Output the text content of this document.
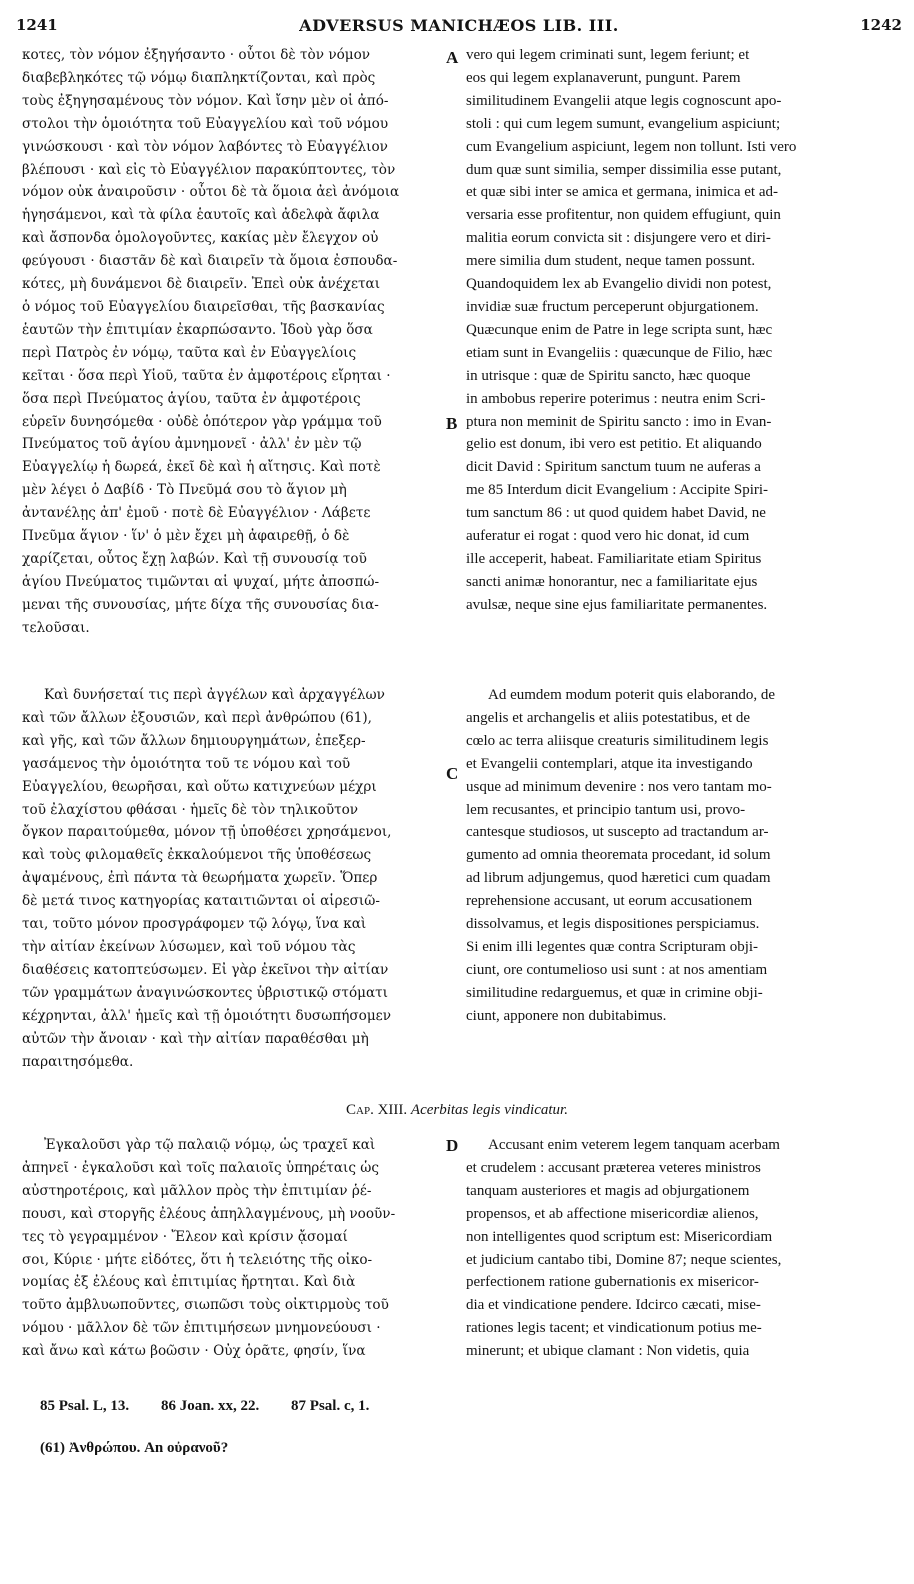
1241	ADVERSUS MANICHÆOS LIB. III.	1242
A
B
C
D
κοτες, τὸν νόμον ἐξηγήσαντο · οὗτοι δὲ τὸν νόμον
διαβεβληκότες τῷ νόμῳ διαπληκτίζονται, καὶ πρὸς
τοὺς ἐξηγησαμένους τὸν νόμον. Καὶ ἴσην μὲν οἱ ἀπό-
στολοι τὴν ὁμοιότητα τοῦ Εὐαγγελίου καὶ τοῦ νόμου
γινώσκουσι · καὶ τὸν νόμον λαβόντες τὸ Εὐαγγέλιον
βλέπουσι · καὶ εἰς τὸ Εὐαγγέλιον παρακύπτοντες, τὸν
νόμον οὐκ ἀναιροῦσιν · οὗτοι δὲ τὰ ὅμοια ἀεὶ ἀνόμοια
ἡγησάμενοι, καὶ τὰ φίλα ἑαυτοῖς καὶ ἀδελφὰ ἄφιλα
καὶ ἄσπονδα ὁμολογοῦντες, κακίας μὲν ἔλεγχον οὐ
φεύγουσι · διαστᾶν δὲ καὶ διαιρεῖν τὰ ὅμοια ἐσπουδα-
κότες, μὴ δυνάμενοι δὲ διαιρεῖν. Ἐπεὶ οὐκ ἀνέχεται
ὁ νόμος τοῦ Εὐαγγελίου διαιρεῖσθαι, τῆς βασκανίας
ἑαυτῶν τὴν ἐπιτιμίαν ἐκαρπώσαντο. Ἰδοὺ γὰρ ὅσα
περὶ Πατρὸς ἐν νόμῳ, ταῦτα καὶ ἐν Εὐαγγελίοις
κεῖται · ὅσα περὶ Υἱοῦ, ταῦτα ἐν ἀμφοτέροις εἴρηται ·
ὅσα περὶ Πνεύματος ἁγίου, ταῦτα ἐν ἀμφοτέροις
εὑρεῖν δυνησόμεθα · οὐδὲ ὁπότερον γὰρ γράμμα τοῦ
Πνεύματος τοῦ ἁγίου ἀμνημονεῖ · ἀλλ' ἐν μὲν τῷ
Εὐαγγελίῳ ἡ δωρεά, ἐκεῖ δὲ καὶ ἡ αἴτησις. Καὶ ποτὲ
μὲν λέγει ὁ Δαβίδ · Τὸ Πνεῦμά σου τὸ ἅγιον μὴ
ἀντανέλῃς ἀπ' ἐμοῦ · ποτὲ δὲ Εὐαγγέλιον · Λάβετε
Πνεῦμα ἅγιον · ἵν' ὁ μὲν ἔχει μὴ ἀφαιρεθῇ, ὁ δὲ
χαρίζεται, οὗτος ἔχῃ λαβών. Καὶ τῇ συνουσίᾳ τοῦ
ἁγίου Πνεύματος τιμῶνται αἱ ψυχαί, μήτε ἀποσπώ-
μεναι τῆς συνουσίας, μήτε δίχα τῆς συνουσίας δια-
τελοῦσαι.
vero qui legem criminati sunt, legem feriunt; et
eos qui legem explanaverunt, pungunt. Parem
similitudinem Evangelii atque legis cognoscunt apo-
stoli : qui cum legem sumunt, evangelium aspiciunt;
cum Evangelium aspiciunt, legem non tollunt. Isti vero
dum quæ sunt similia, semper dissimilia esse putant,
et quæ sibi inter se amica et germana, inimica et ad-
versaria esse profitentur, non quidem effugiunt, quin
malitia eorum convicta sit : disjungere vero et diri-
mere similia dum student, neque tamen possunt.
Quandoquidem lex ab Evangelio dividi non potest,
invidiæ suæ fructum perceperunt objurgationem.
Quæcunque enim de Patre in lege scripta sunt, hæc
etiam sunt in Evangeliis : quæcunque de Filio, hæc
in utrisque : quæ de Spiritu sancto, hæc quoque
in ambobus reperire poterimus : neutra enim Scri-
ptura non meminit de Spiritu sancto : imo in Evan-
gelio est donum, ibi vero est petitio. Et aliquando
dicit David : Spiritum sanctum tuum ne auferas a
me 85 Interdum dicit Evangelium : Accipite Spiri-
tum sanctum 86 : ut quod quidem habet David, ne
auferatur ei rogat : quod vero hic donat, id cum
ille acceperit, habeat. Familiaritate etiam Spiritus
sancti animæ honorantur, nec a familiaritate ejus
avulsæ, neque sine ejus familiaritate permanentes.
Καὶ δυνήσεταί τις περὶ ἀγγέλων καὶ ἀρχαγγέλων
καὶ τῶν ἄλλων ἐξουσιῶν, καὶ περὶ ἀνθρώπου (61),
καὶ γῆς, καὶ τῶν ἄλλων δημιουργημάτων, ἐπεξερ-
γασάμενος τὴν ὁμοιότητα τοῦ τε νόμου καὶ τοῦ
Εὐαγγελίου, θεωρῆσαι, καὶ οὕτω κατιχνεύων μέχρι
τοῦ ἐλαχίστου φθάσαι · ἡμεῖς δὲ τὸν τηλικοῦτον
ὄγκον παραιτούμεθα, μόνον τῇ ὑποθέσει χρησάμενοι,
καὶ τοὺς φιλομαθεῖς ἐκκαλούμενοι τῆς ὑποθέσεως
ἀψαμένους, ἐπὶ πάντα τὰ θεωρήματα χωρεῖν. Ὅπερ
δὲ μετά τινος κατηγορίας καταιτιῶνται οἱ αἱρεσιῶ-
ται, τοῦτο μόνον προσγράφομεν τῷ λόγῳ, ἵνα καὶ
τὴν αἰτίαν ἐκείνων λύσωμεν, καὶ τοῦ νόμου τὰς
διαθέσεις κατοπτεύσωμεν. Εἰ γὰρ ἐκεῖνοι τὴν αἰτίαν
τῶν γραμμάτων ἀναγινώσκοντες ὑβριστικῷ στόματι
κέχρηνται, ἀλλ' ἡμεῖς καὶ τῇ ὁμοιότητι δυσωπήσομεν
αὐτῶν τὴν ἄνοιαν · καὶ τὴν αἰτίαν παραθέσθαι μὴ
παραιτησόμεθα.
Ad eumdem modum poterit quis elaborando, de
angelis et archangelis et aliis potestatibus, et de
cœlo ac terra aliisque creaturis similitudinem legis
et Evangelii contemplari, atque ita investigando
usque ad minimum devenire : nos vero tantam mo-
lem recusantes, et principio tantum usi, provo-
cantesque studiosos, ut suscepto ad tractandum ar-
gumento ad omnia theoremata procedant, id solum
ad librum adjungemus, quod hæretici cum quadam
reprehensione accusant, ut eorum accusationem
dissolvamus, et legis dispositiones perspiciamus.
Si enim illi legentes quæ contra Scripturam obji-
ciunt, ore contumelioso usi sunt : at nos amentiam
similitudine redarguemus, et quæ in crimine obji-
ciunt, apponere non dubitabimus.
Cap. XIII. Acerbitas legis vindicatur.
Ἐγκαλοῦσι γὰρ τῷ παλαιῷ νόμῳ, ὡς τραχεῖ καὶ
ἀπηνεῖ · ἐγκαλοῦσι καὶ τοῖς παλαιοῖς ὑπηρέταις ὡς
αὐστηροτέροις, καὶ μᾶλλον πρὸς τὴν ἐπιτιμίαν ῥέ-
πουσι, καὶ στοργῆς ἐλέους ἀπηλλαγμένους, μὴ νοοῦν-
τες τὸ γεγραμμένον · Ἔλεον καὶ κρίσιν ᾄσομαί
σοι, Κύριε · μήτε εἰδότες, ὅτι ἡ τελειότης τῆς οἰκο-
νομίας ἐξ ἐλέους καὶ ἐπιτιμίας ἤρτηται. Καὶ διὰ
τοῦτο ἀμβλυωποῦντες, σιωπῶσι τοὺς οἰκτιρμοὺς τοῦ
νόμου · μᾶλλον δὲ τῶν ἐπιτιμήσεων μνημονεύουσι ·
καὶ ἄνω καὶ κάτω βοῶσιν · Οὐχ ὁρᾶτε, φησίν, ἵνα
Accusant enim veterem legem tanquam acerbam
et crudelem : accusant præterea veteres ministros
tanquam austeriores et magis ad objurgationem
propensos, et ab affectione misericordiæ alienos,
non intelligentes quod scriptum est: Misericordiam
et judicium cantabo tibi, Domine 87; neque scientes,
perfectionem ratione gubernationis ex misericor-
dia et vindicatione pendere. Idcirco cæcati, mise-
rationes legis tacent; et vindicationum potius me-
minerunt; et ubique clamant : Non videtis, quia
85 Psal. L, 13. 86 Joan. xx, 22. 87 Psal. c, 1.
(61) Ἀνθρώπου. An οὐρανοῦ?
